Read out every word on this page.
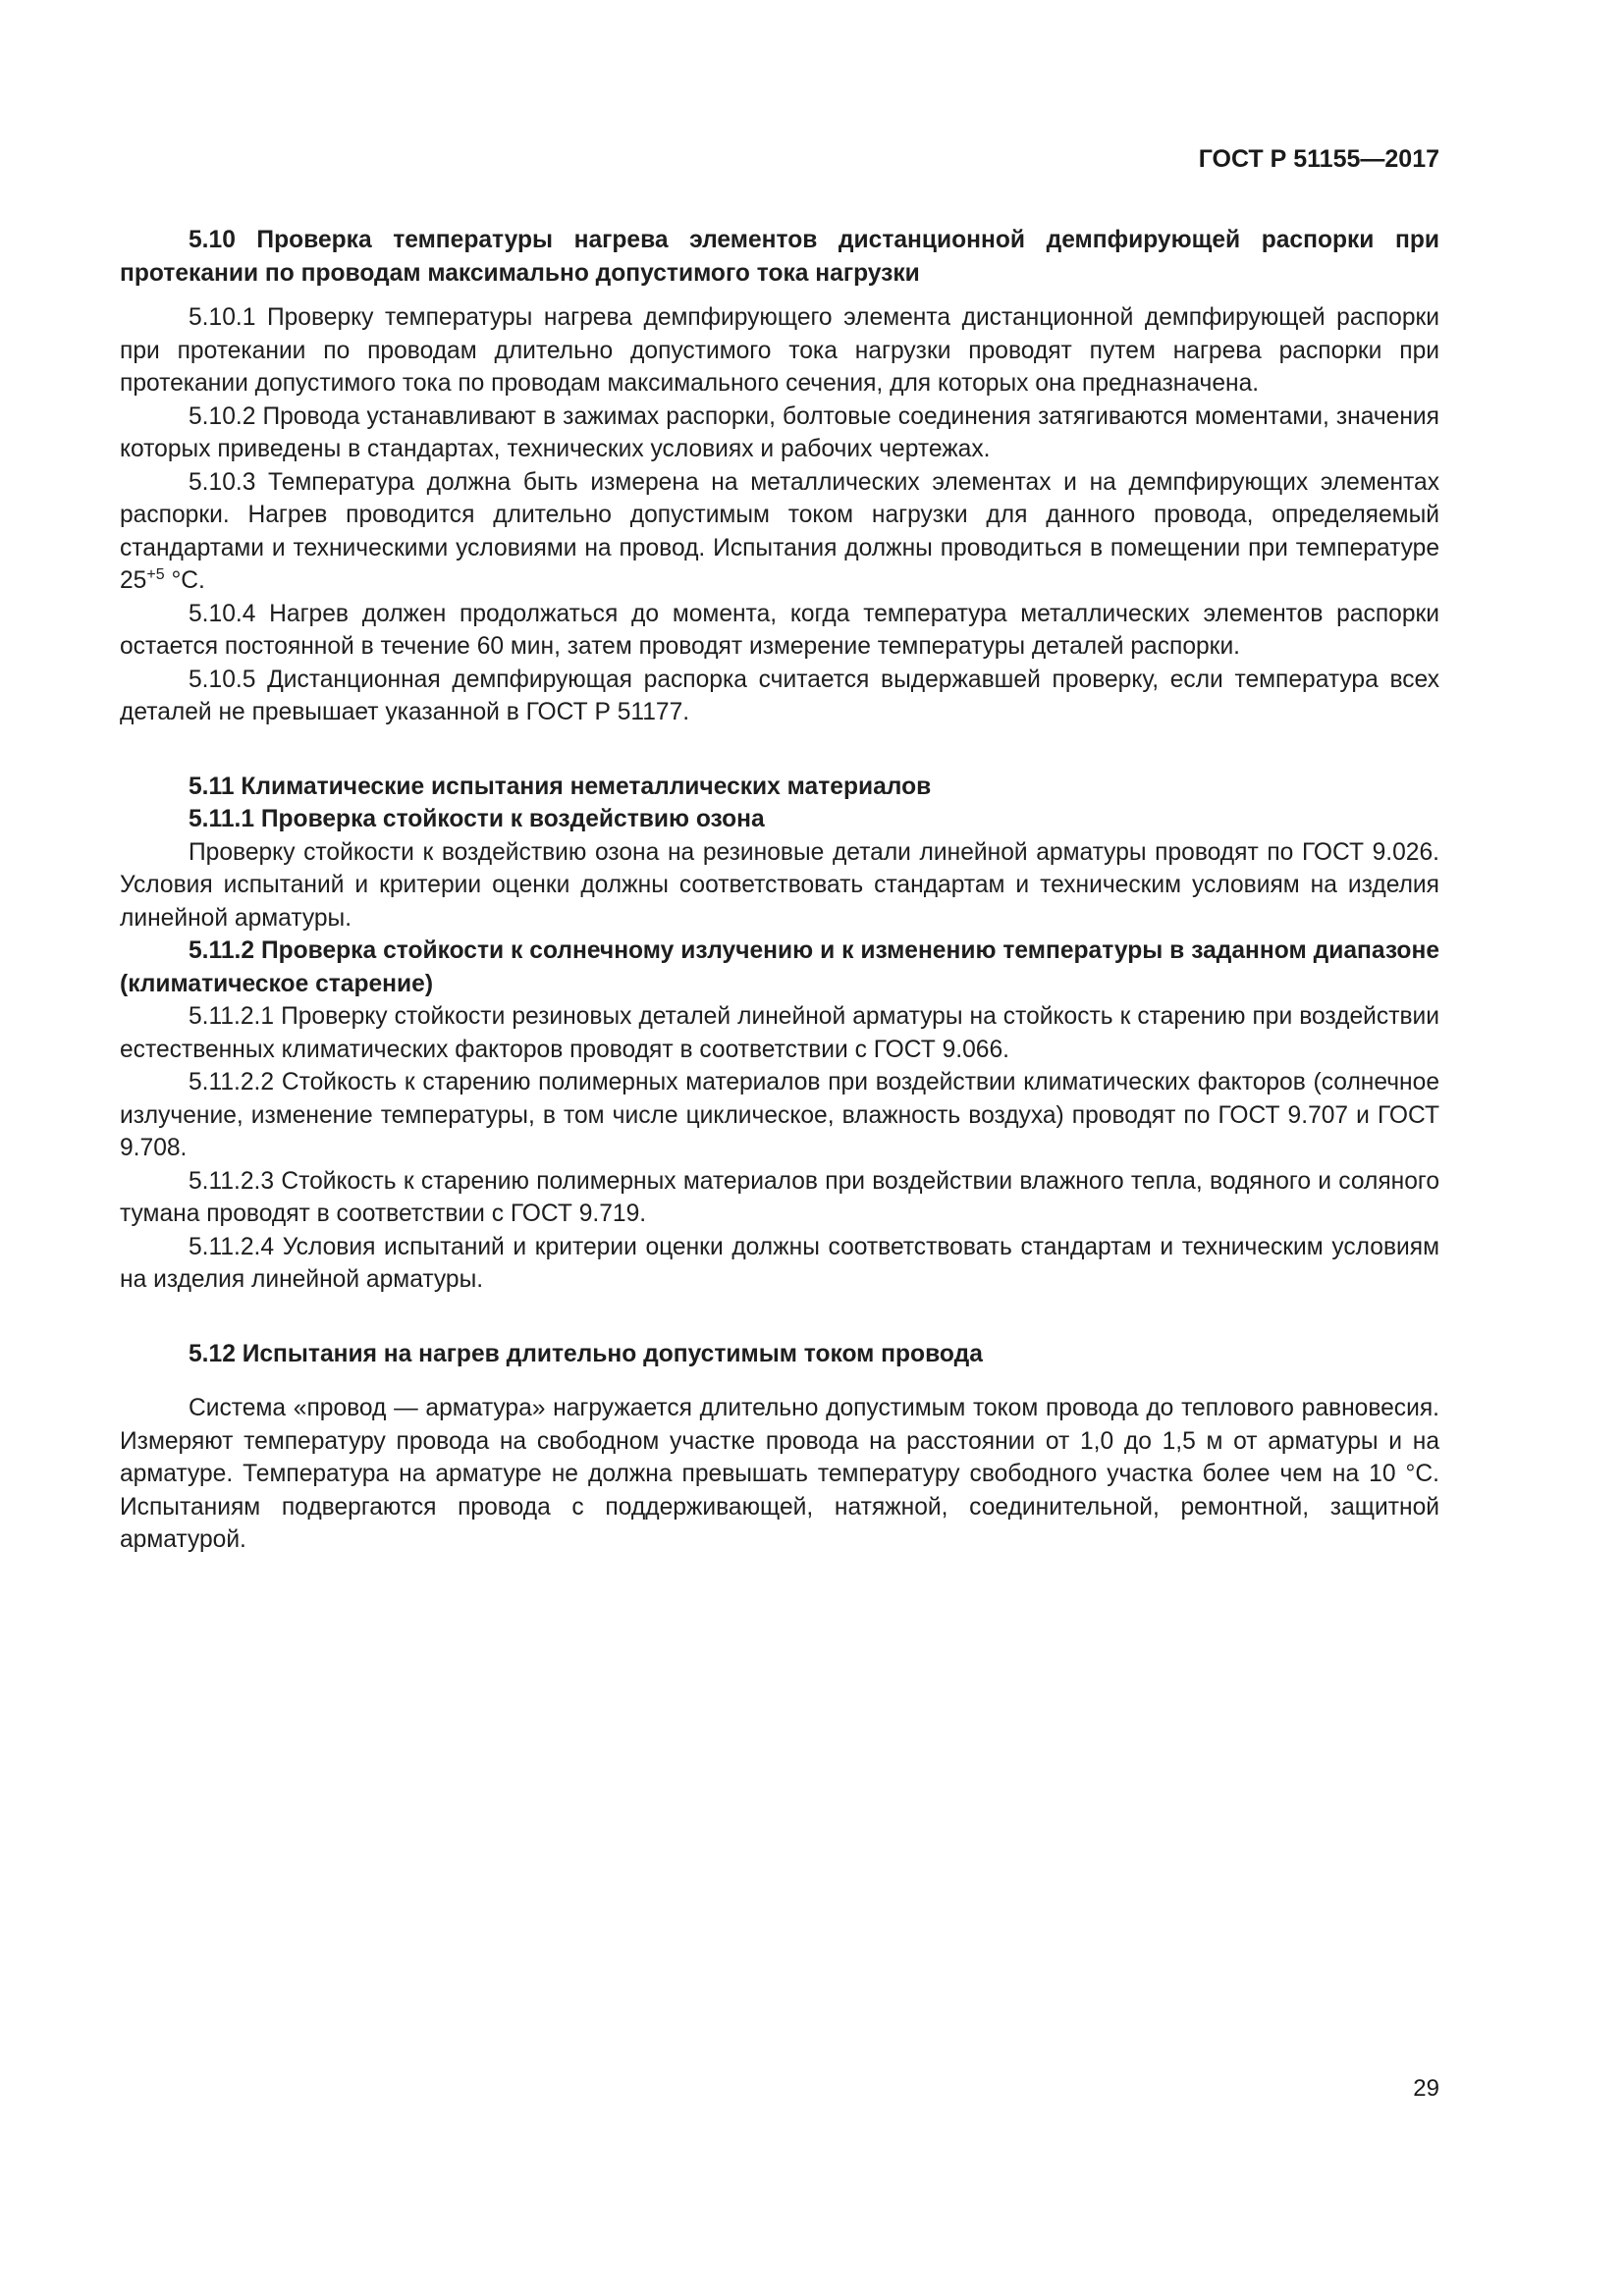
ГОСТ Р 51155—2017

5.10 Проверка температуры нагрева элементов дистанционной демпфирующей распорки при протекании по проводам максимально допустимого тока нагрузки

5.10.1 Проверку температуры нагрева демпфирующего элемента дистанционной демпфирующей распорки при протекании по проводам длительно допустимого тока нагрузки проводят путем нагрева распорки при протекании допустимого тока по проводам максимального сечения, для которых она предназначена.

5.10.2 Провода устанавливают в зажимах распорки, болтовые соединения затягиваются моментами, значения которых приведены в стандартах, технических условиях и рабочих чертежах.

5.10.3 Температура должна быть измерена на металлических элементах и на демпфирующих элементах распорки. Нагрев проводится длительно допустимым током нагрузки для данного провода, определяемый стандартами и техническими условиями на провод. Испытания должны проводиться в помещении при температуре $25^{+5}$ °С.

5.10.4 Нагрев должен продолжаться до момента, когда температура металлических элементов распорки остается постоянной в течение 60 мин, затем проводят измерение температуры деталей распорки.

5.10.5 Дистанционная демпфирующая распорка считается выдержавшей проверку, если температура всех деталей не превышает указанной в ГОСТ Р 51177.

5.11 Климатические испытания неметаллических материалов

5.11.1 Проверка стойкости к воздействию озона

Проверку стойкости к воздействию озона на резиновые детали линейной арматуры проводят по ГОСТ 9.026. Условия испытаний и критерии оценки должны соответствовать стандартам и техническим условиям на изделия линейной арматуры.

5.11.2 Проверка стойкости к солнечному излучению и к изменению температуры в заданном диапазоне (климатическое старение)

5.11.2.1 Проверку стойкости резиновых деталей линейной арматуры на стойкость к старению при воздействии естественных климатических факторов проводят в соответствии с ГОСТ 9.066.

5.11.2.2 Стойкость к старению полимерных материалов при воздействии климатических факторов (солнечное излучение, изменение температуры, в том числе циклическое, влажность воздуха) проводят по ГОСТ 9.707 и ГОСТ 9.708.

5.11.2.3 Стойкость к старению полимерных материалов при воздействии влажного тепла, водяного и соляного тумана проводят в соответствии с ГОСТ 9.719.

5.11.2.4 Условия испытаний и критерии оценки должны соответствовать стандартам и техническим условиям на изделия линейной арматуры.

5.12 Испытания на нагрев длительно допустимым током провода

Система «провод — арматура» нагружается длительно допустимым током провода до теплового равновесия. Измеряют температуру провода на свободном участке провода на расстоянии от 1,0 до 1,5 м от арматуры и на арматуре. Температура на арматуре не должна превышать температуру свободного участка более чем на 10 °С. Испытаниям подвергаются провода с поддерживающей, натяжной, соединительной, ремонтной, защитной арматурой.

29
